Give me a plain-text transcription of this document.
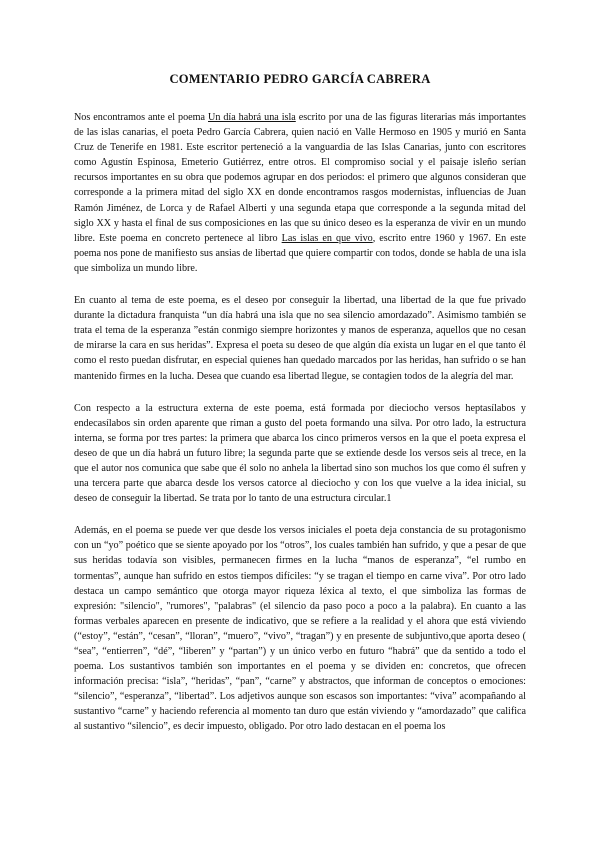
COMENTARIO PEDRO GARCÍA CABRERA

Nos encontramos ante el poema Un día habrá una isla escrito por una de las figuras literarias más importantes de las islas canarias, el poeta Pedro García Cabrera, quien nació en Valle Hermoso en 1905 y murió en Santa Cruz de Tenerife en 1981. Este escritor perteneció a la vanguardia de las Islas Canarias, junto con escritores como Agustín Espinosa, Emeterio Gutiérrez, entre otros. El compromiso social y el paisaje isleño serían recursos importantes en su obra que podemos agrupar en dos periodos: el primero que algunos consideran que corresponde a la primera mitad del siglo XX en donde encontramos rasgos modernistas, influencias de Juan Ramón Jiménez, de Lorca y de Rafael Alberti y una segunda etapa que corresponde a la segunda mitad del siglo XX y hasta el final de sus composiciones en las que su único deseo es la esperanza de vivir en un mundo libre. Este poema en concreto pertenece al libro Las islas en que vivo, escrito entre 1960 y 1967. En este poema nos pone de manifiesto sus ansias de libertad que quiere compartir con todos, donde se habla de una isla que simboliza un mundo libre.

En cuanto al tema de este poema, es el deseo por conseguir la libertad, una libertad de la que fue privado durante la dictadura franquista “un día habrá una isla que no sea silencio amordazado”. Asimismo también se trata el tema de la esperanza ”están conmigo siempre horizontes y manos de esperanza, aquellos que no cesan de mirarse la cara en sus heridas”. Expresa el poeta su deseo de que algún día exista un lugar en el que tanto él como el resto puedan disfrutar, en especial quienes han quedado marcados por las heridas, han sufrido o se han mantenido firmes en la lucha. Desea que cuando esa libertad llegue, se contagien todos de la alegría del mar.

Con respecto a la estructura externa de este poema, está formada por dieciocho versos heptasílabos y endecasílabos sin orden aparente que riman a gusto del poeta formando una silva. Por otro lado, la estructura interna, se forma por tres partes: la primera que abarca los cinco primeros versos en la que el poeta expresa el deseo de que un día habrá un futuro libre; la segunda parte que se extiende desde los versos seis al trece, en la que el autor nos comunica que sabe que él solo no anhela la libertad sino son muchos los que como él sufren y una tercera parte que abarca desde los versos catorce al dieciocho y con los que vuelve a la idea inicial, su deseo de conseguir la libertad. Se trata por lo tanto de una estructura circular.1

Además, en el poema se puede ver que desde los versos iniciales el poeta deja constancia de su protagonismo con un “yo” poético que se siente apoyado por los “otros”, los cuales también han sufrido, y que a pesar de que sus heridas todavía son visibles, permanecen firmes en la lucha “manos de esperanza”, “el rumbo en tormentas”, aunque han sufrido en estos tiempos difíciles: “y se tragan el tiempo en carne viva”. Por otro lado destaca un campo semántico que otorga mayor riqueza léxica al texto, el que simboliza las formas de expresión: "silencio", "rumores", "palabras" (el silencio da paso poco a poco a la palabra). En cuanto a las formas verbales aparecen en presente de indicativo, que se refiere a la realidad y el ahora que está viviendo (“estoy”, “están”, “cesan”, “lloran”, “muero”, “vivo”, “tragan”) y en presente de subjuntivo,que aporta deseo ( “sea”, “entierren”, “dé”, “liberen” y “partan”) y un único verbo en futuro “habrá” que da sentido a todo el poema. Los sustantivos también son importantes en el poema y se dividen en: concretos, que ofrecen información precisa: “isla”, “heridas”, “pan”, “carne” y abstractos, que informan de conceptos o emociones: “silencio”, “esperanza”, “libertad”. Los adjetivos aunque son escasos son importantes: “viva” acompañando al sustantivo “carne” y haciendo referencia al momento tan duro que están viviendo y “amordazado” que califica al sustantivo “silencio”, es decir impuesto, obligado. Por otro lado destacan en el poema los
